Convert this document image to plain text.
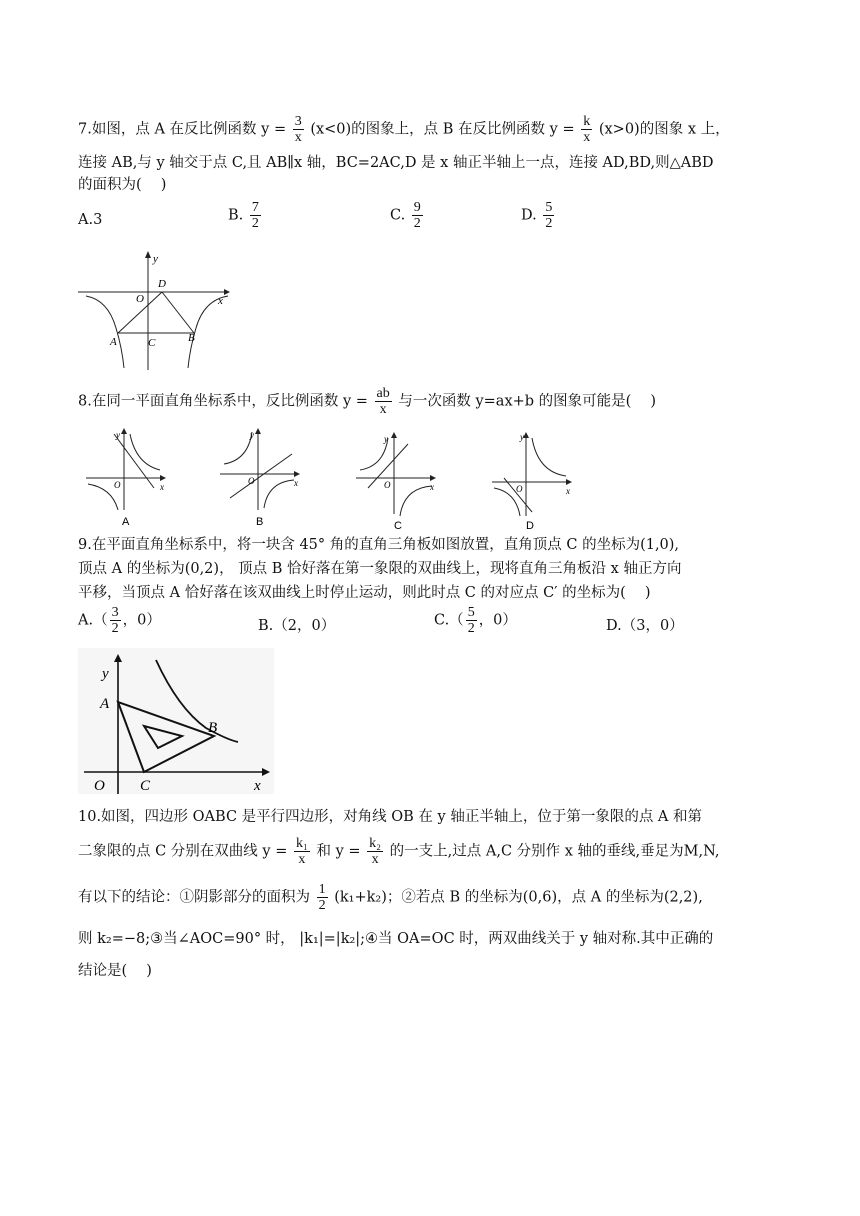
7.如图，点 A 在反比例函数 $y = \frac{3}{x} (x<0)$的图象上，点 B 在反比例函数 $y = \frac{k}{x} (x>0)$的图象 x 上，
连接 AB,与 y 轴交于点 C,且 AB∥x 轴，BC=2AC,D 是 x 轴正半轴上一点，连接 AD,BD,则△ABD
的面积为(　 )
A.3	B. $\frac{7}{2}$	C. $\frac{9}{2}$	D. $\frac{5}{2}$
y
x
O
D
A	C	B
8.在同一平面直角坐标系中，反比例函数 $y = \frac{ab}{x}$ 与一次函数 y=ax+b 的图象可能是(　 )
y
x
O
A
y
x
O
B
y
x
O
C
y
x
O
D
9.在平面直角坐标系中，将一块含 45° 角的直角三角板如图放置，直角顶点 C 的坐标为(1,0),
顶点 A 的坐标为(0,2)， 顶点 B 恰好落在第一象限的双曲线上，现将直角三角板沿 x 轴正方向
平移，当顶点 A 恰好落在该双曲线上时停止运动，则此时点 C 的对应点 C′ 的坐标为(　 )
$A.( \frac{3}{2}$ ，0）	B.（2，0）	$C.( \frac{5}{2}$ ，0）	D.（3，0）
y
x
O
A
B
C
10.如图，四边形 OABC 是平行四边形，对角线 OB 在 y 轴正半轴上，位于第一象限的点 A 和第
二象限的点 C 分别在双曲线 $y = \frac{\text{k₁}}{x}$ 和 $y = \frac{\text{k₂}}{x}$ 的一支上,过点 A,C 分别作 x 轴的垂线,垂足为M,N,
有以下的结论：①阴影部分的面积为 $\frac{1}{2} (k_1+k_2)$；②若点 B 的坐标为(0,6)，点 A 的坐标为(2,2),
则 k₂=−8;③当∠AOC=90° 时， |k₁|=|k₂|;④当 OA=OC 时，两双曲线关于 y 轴对称.其中正确的
结论是(　 )
